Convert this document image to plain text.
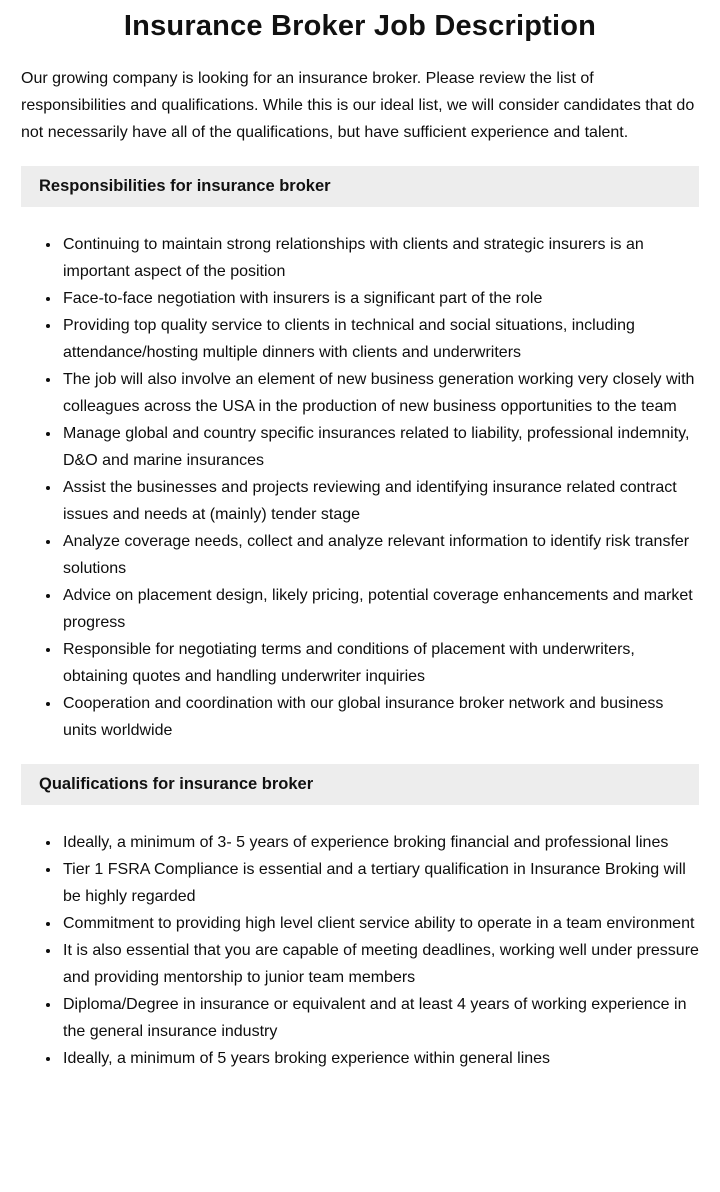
Insurance Broker Job Description

Our growing company is looking for an insurance broker. Please review the list of responsibilities and qualifications. While this is our ideal list, we will consider candidates that do not necessarily have all of the qualifications, but have sufficient experience and talent.

Responsibilities for insurance broker
• Continuing to maintain strong relationships with clients and strategic insurers is an important aspect of the position
• Face-to-face negotiation with insurers is a significant part of the role
• Providing top quality service to clients in technical and social situations, including attendance/hosting multiple dinners with clients and underwriters
• The job will also involve an element of new business generation working very closely with colleagues across the USA in the production of new business opportunities to the team
• Manage global and country specific insurances related to liability, professional indemnity, D&O and marine insurances
• Assist the businesses and projects reviewing and identifying insurance related contract issues and needs at (mainly) tender stage
• Analyze coverage needs, collect and analyze relevant information to identify risk transfer solutions
• Advice on placement design, likely pricing, potential coverage enhancements and market progress
• Responsible for negotiating terms and conditions of placement with underwriters, obtaining quotes and handling underwriter inquiries
• Cooperation and coordination with our global insurance broker network and business units worldwide
Qualifications for insurance broker
• Ideally, a minimum of 3- 5 years of experience broking financial and professional lines
• Tier 1 FSRA Compliance is essential and a tertiary qualification in Insurance Broking will be highly regarded
• Commitment to providing high level client service ability to operate in a team environment
• It is also essential that you are capable of meeting deadlines, working well under pressure and providing mentorship to junior team members
• Diploma/Degree in insurance or equivalent and at least 4 years of working experience in the general insurance industry
• Ideally, a minimum of 5 years broking experience within general lines
